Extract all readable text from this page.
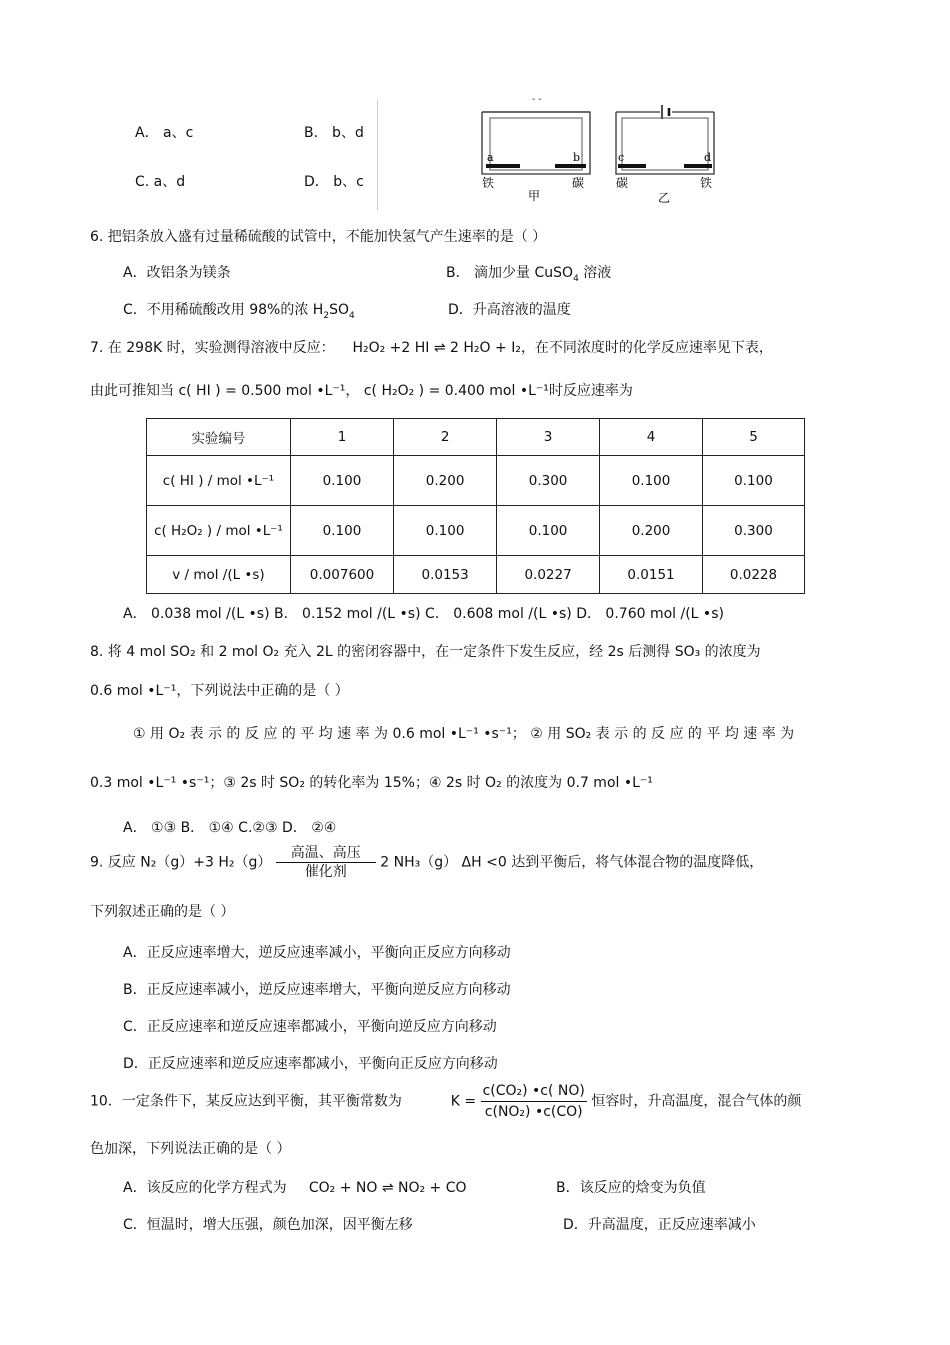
A． a、c	B． b、d
C. a、d	D． b、c
- -
a	b
铁	碳
甲
c	d
碳	铁
乙
6. 把铝条放入盛有过量稀硫酸的试管中，不能加快氢气产生速率的是（ ）
A．改铝条为镁条	B． 滴加少量 CuSO$_4$ 溶液
C．不用稀硫酸改用 98%的浓 $H_2SO_4$	D．升高溶液的温度
7. 在 298K 时，实验测得溶液中反应： H₂O₂ +2 HI ⇌ 2 H₂O + I₂，在不同浓度时的化学反应速率见下表，
由此可推知当 c( HI ) = 0.500 mol •L⁻¹， c( H₂O₂ ) = 0.400 mol •L⁻¹时反应速率为
实验编号	1	2	3	4	5
c( HI ) / mol •L⁻¹	0.100	0.200	0.300	0.100	0.100
c( H₂O₂ ) / mol •L⁻¹	0.100	0.100	0.100	0.200	0.300
v / mol /(L •s)	0.007600	0.0153	0.0227	0.0151	0.0228
A． 0.038 mol /(L •s) B． 0.152 mol /(L •s) C． 0.608 mol /(L •s) D． 0.760 mol /(L •s)
8. 将 4 mol SO₂ 和 2 mol O₂ 充入 2L 的密闭容器中，在一定条件下发生反应，经 2s 后测得 SO₃ 的浓度为
0.6 mol •L⁻¹，下列说法中正确的是（ ）
① 用 O₂ 表 示 的 反 应 的 平 均 速 率 为 0.6 mol •L⁻¹ •s⁻¹； ② 用 SO₂ 表 示 的 反 应 的 平 均 速 率 为
0.3 mol •L⁻¹ •s⁻¹；③ 2s 时 SO₂ 的转化率为 15%；④ 2s 时 O₂ 的浓度为 0.7 mol •L⁻¹
A． ①③ B． ①④ C.②③ D． ②④
9. 反应 N₂（g）+3 H₂（g）
高温、高压
催化剂
2 NH₃（g） ΔH <0 达到平衡后，将气体混合物的温度降低，
下列叙述正确的是（ ）
A．正反应速率增大，逆反应速率减小，平衡向正反应方向移动
B．正反应速率减小，逆反应速率增大，平衡向逆反应方向移动
C．正反应速率和逆反应速率都减小，平衡向逆反应方向移动
D．正反应速率和逆反应速率都减小，平衡向正反应方向移动
10．一定条件下，某反应达到平衡，其平衡常数为	$K = \frac{\text{c(CO₂) •c( NO)}}{\text{c(NO₂) •c(CO)}}$ 恒容时，升高温度，混合气体的颜
色加深，下列说法正确的是（ ）
A．该反应的化学方程式为 CO₂ + NO ⇌ NO₂ + CO	B．该反应的焓变为负值
C．恒温时，增大压强，颜色加深，因平衡左移	D．升高温度，正反应速率减小
